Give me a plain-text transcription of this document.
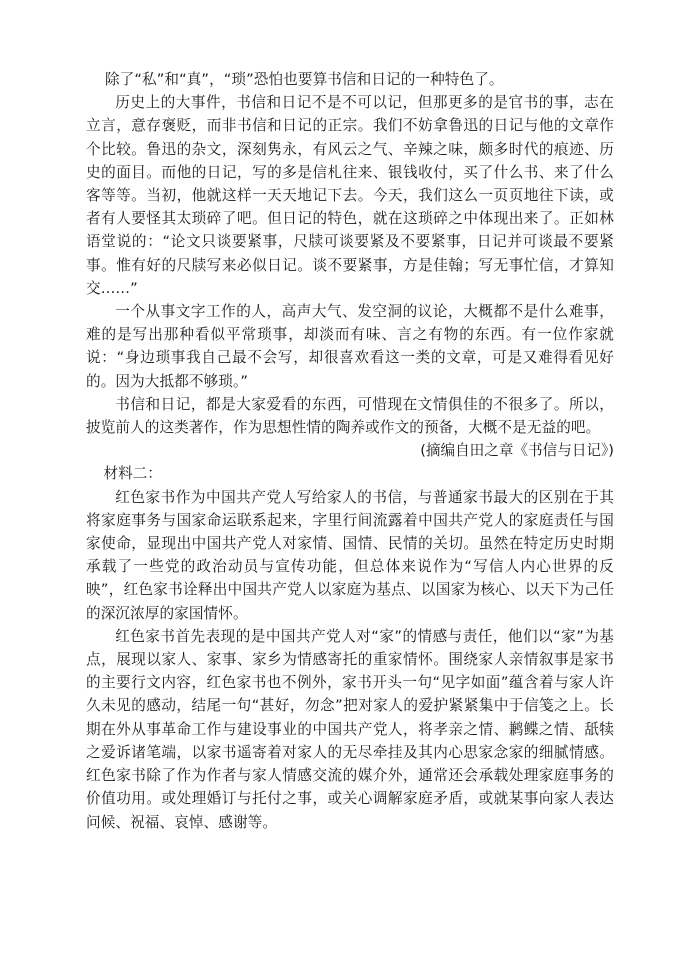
除了“私”和“真”，“琐”恐怕也要算书信和日记的一种特色了。

历史上的大事件，书信和日记不是不可以记，但那更多的是官书的事，志在立言，意存褒贬，而非书信和日记的正宗。我们不妨拿鲁迅的日记与他的文章作个比较。鲁迅的杂文，深刻隽永，有风云之气、辛辣之味，颇多时代的痕迹、历史的面目。而他的日记，写的多是信札往来、银钱收付，买了什么书、来了什么客等等。当初，他就这样一天天地记下去。今天，我们这么一页页地往下读，或者有人要怪其太琐碎了吧。但日记的特色，就在这琐碎之中体现出来了。正如林语堂说的：“论文只谈要紧事，尺牍可谈要紧及不要紧事，日记并可谈最不要紧事。惟有好的尺牍写来必似日记。谈不要紧事，方是佳翰；写无事忙信，才算知交……”

一个从事文字工作的人，高声大气、发空洞的议论，大概都不是什么难事，难的是写出那种看似平常琐事，却淡而有味、言之有物的东西。有一位作家就说：“身边琐事我自己最不会写，却很喜欢看这一类的文章，可是又难得看见好的。因为大抵都不够琐。”

书信和日记，都是大家爱看的东西，可惜现在文情俱佳的不很多了。所以，披览前人的这类著作，作为思想性情的陶养或作文的预备，大概不是无益的吧。

(摘编自田之章《书信与日记》)

材料二：

红色家书作为中国共产党人写给家人的书信，与普通家书最大的区别在于其将家庭事务与国家命运联系起来，字里行间流露着中国共产党人的家庭责任与国家使命，显现出中国共产党人对家情、国情、民情的关切。虽然在特定历史时期承载了一些党的政治动员与宣传功能，但总体来说作为“写信人内心世界的反映”，红色家书诠释出中国共产党人以家庭为基点、以国家为核心、以天下为己任的深沉浓厚的家国情怀。

红色家书首先表现的是中国共产党人对“家”的情感与责任，他们以“家”为基点，展现以家人、家事、家乡为情感寄托的重家情怀。围绕家人亲情叙事是家书的主要行文内容，红色家书也不例外，家书开头一句“见字如面”蕴含着与家人许久未见的感动，结尾一句“甚好，勿念”把对家人的爱护紧紧集中于信笺之上。长期在外从事革命工作与建设事业的中国共产党人，将孝亲之情、鹣鲽之情、舐犊之爱诉诸笔端，以家书遥寄着对家人的无尽牵挂及其内心思家念家的细腻情感。红色家书除了作为作者与家人情感交流的媒介外，通常还会承载处理家庭事务的价值功用。或处理婚订与托付之事，或关心调解家庭矛盾，或就某事向家人表达问候、祝福、哀悼、感谢等。
